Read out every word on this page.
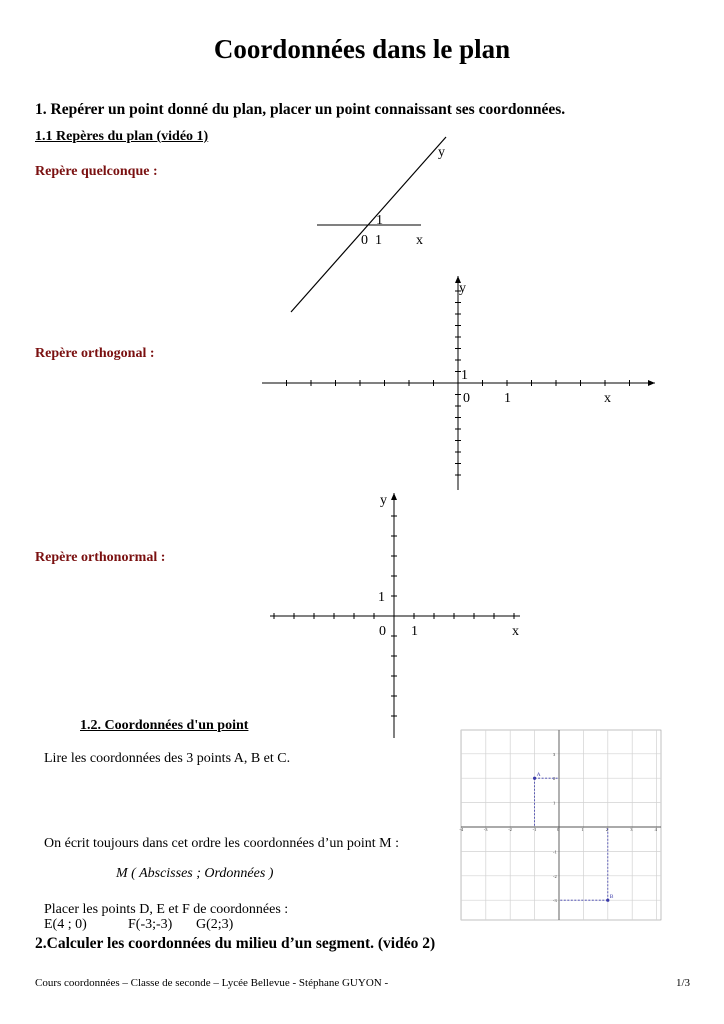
Coordonnées dans le plan
1. Repérer un point donné du plan, placer un point connaissant ses coordonnées.
1.1 Repères du plan (vidéo 1)
Repère quelconque :
Repère orthogonal :
Repère orthonormal :
0 1
1
x
y
0 1
1
x
y
0 1
1
x
y
-4	-3	-2	-1	0	1	2	3	4
3
2
1
-1
-2
-3
A
B
1.2. Coordonnées d'un point
Lire les coordonnées des 3 points A, B et C.
On écrit toujours dans cet ordre les coordonnées d’un point M :
M ( Abscisses ; Ordonnées )
Placer les points D, E et F de coordonnées :
E(4 ; 0)	F(-3;-3) G(2;3)
2.Calculer les coordonnées du milieu d’un segment. (vidéo 2)
Cours coordonnées – Classe de seconde – Lycée Bellevue - Stéphane GUYON -	1/3
